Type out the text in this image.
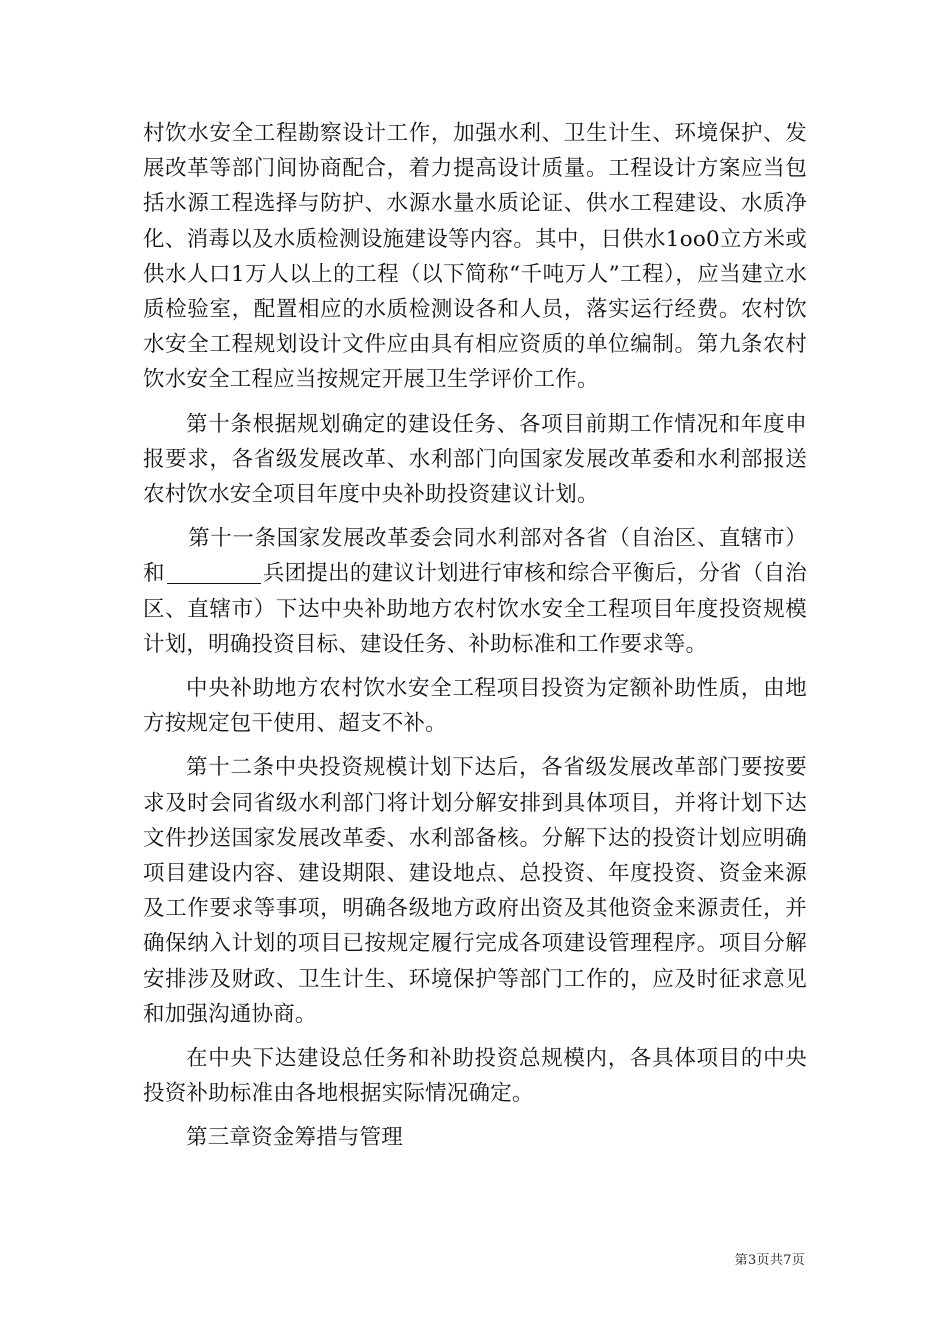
村饮水安全工程勘察设计工作，加强水利、卫生计生、环境保护、发展改革等部门间协商配合，着力提高设计质量。工程设计方案应当包括水源工程选择与防护、水源水量水质论证、供水工程建设、水质净化、消毒以及水质检测设施建设等内容。其中，日供水1oo0立方米或供水人口1万人以上的工程（以下简称“千吨万人”工程），应当建立水质检验室，配置相应的水质检测设各和人员，落实运行经费。农村饮水安全工程规划设计文件应由具有相应资质的单位编制。第九条农村饮水安全工程应当按规定开展卫生学评价工作。

第十条根据规划确定的建设任务、各项目前期工作情况和年度申报要求，各省级发展改革、水利部门向国家发展改革委和水利部报送农村饮水安全项目年度中央补助投资建议计划。

第十一条国家发展改革委会同水利部对各省（自治区、直辖市）和	兵团提出的建议计划进行审核和综合平衡后，分省（自治区、直辖市）下达中央补助地方农村饮水安全工程项目年度投资规模计划，明确投资目标、建设任务、补助标准和工作要求等。

中央补助地方农村饮水安全工程项目投资为定额补助性质，由地方按规定包干使用、超支不补。

第十二条中央投资规模计划下达后，各省级发展改革部门要按要求及时会同省级水利部门将计划分解安排到具体项目，并将计划下达文件抄送国家发展改革委、水利部备核。分解下达的投资计划应明确项目建设内容、建设期限、建设地点、总投资、年度投资、资金来源及工作要求等事项，明确各级地方政府出资及其他资金来源责任，并确保纳入计划的项目已按规定履行完成各项建设管理程序。项目分解安排涉及财政、卫生计生、环境保护等部门工作的，应及时征求意见和加强沟通协商。

在中央下达建设总任务和补助投资总规模内，各具体项目的中央投资补助标准由各地根据实际情况确定。

第三章资金筹措与管理

第3页共7页
